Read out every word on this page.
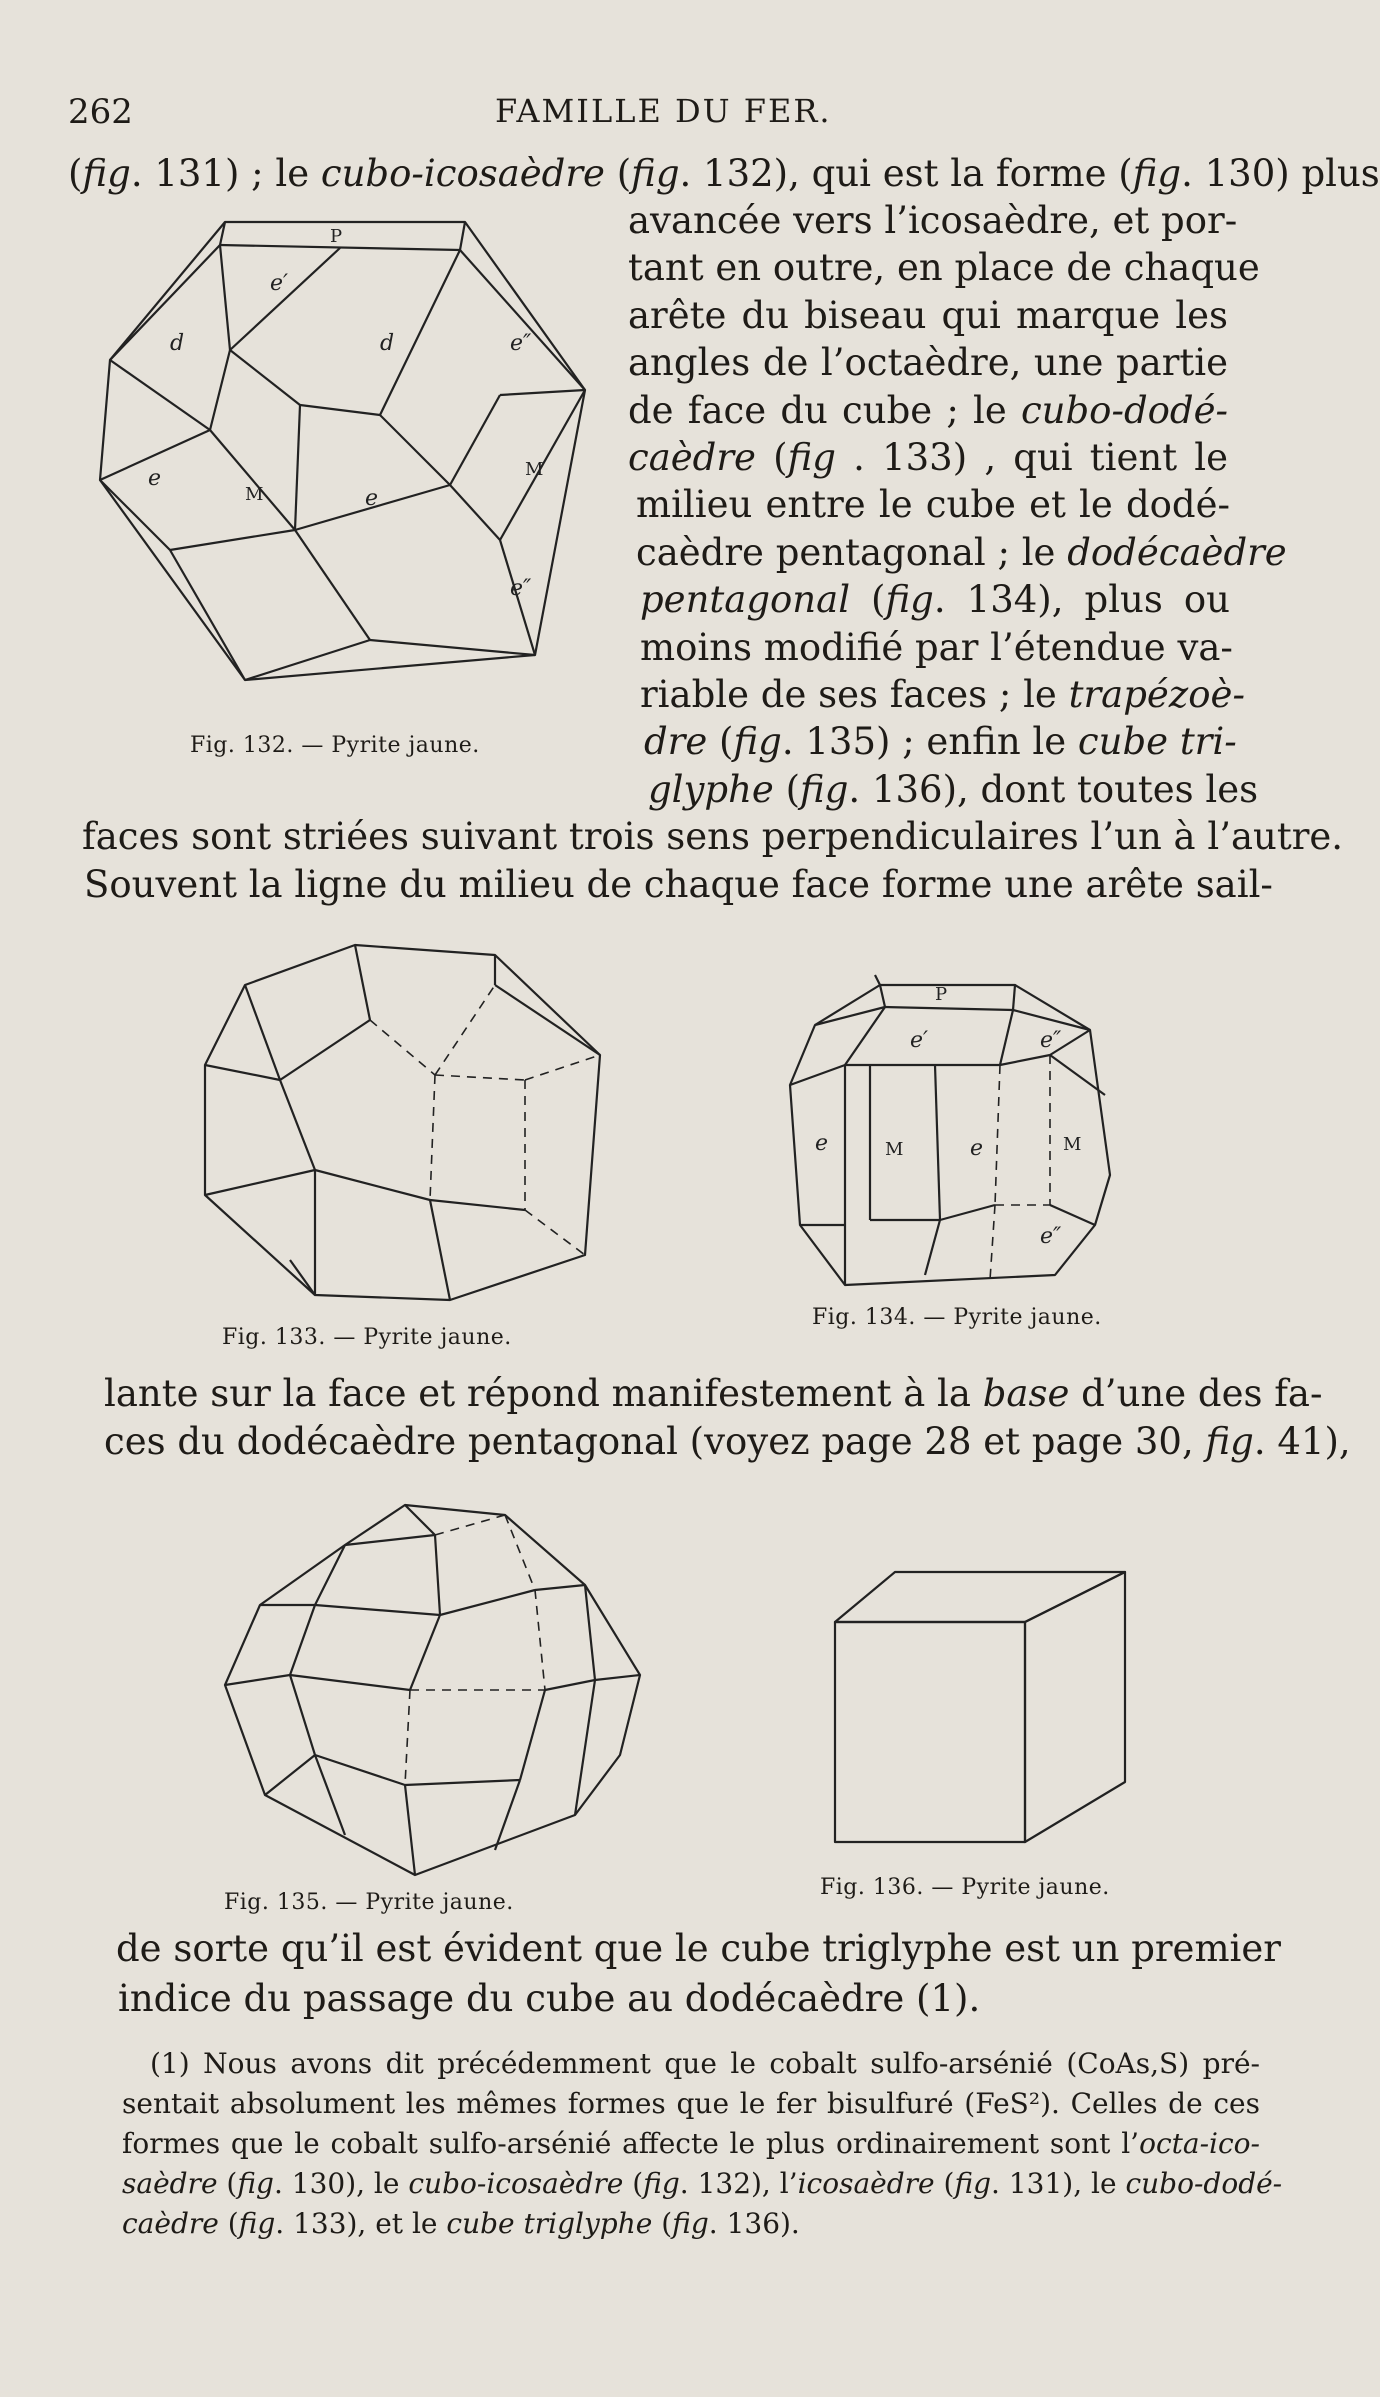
262	FAMILLE DU FER.
(fig. 131) ; le cubo-icosaèdre (fig. 132), qui est la forme (fig. 130) plus
avancée vers l’icosaèdre, et por-
tant en outre, en place de chaque
arête du biseau qui marque les
angles de l’octaèdre, une partie
de face du cube ; le cubo-dodé-
caèdre (fig . 133) , qui tient le
milieu entre le cube et le dodé-
caèdre pentagonal ; le dodécaèdre
pentagonal (fig. 134), plus ou
moins modifié par l’étendue va-
riable de ses faces ; le trapézoè-
dre (fig. 135) ; enfin le cube tri-
glyphe (fig. 136), dont toutes les
faces sont striées suivant trois sens perpendiculaires l’un à l’autre.
Souvent la ligne du milieu de chaque face forme une arête sail-
lante sur la face et répond manifestement à la base d’une des fa-
ces du dodécaèdre pentagonal (voyez page 28 et page 30, fig. 41),
de sorte qu’il est évident que le cube triglyphe est un premier
indice du passage du cube au dodécaèdre (1).
(1) Nous avons dit précédemment que le cobalt sulfo-arsénié (CoAs,S) pré-
sentait absolument les mêmes formes que le fer bisulfuré (FeS²). Celles de ces
formes que le cobalt sulfo-arsénié affecte le plus ordinairement sont l’octa-ico-
saèdre (fig. 130), le cubo-icosaèdre (fig. 132), l’icosaèdre (fig. 131), le cubo-dodé-
caèdre (fig. 133), et le cube triglyphe (fig. 136).
P
e′
d	d	e″
e
M	e
M
e″
Fig. 132. — Pyrite jaune.
Fig. 133. — Pyrite jaune.
P
e′	e″
e	M	e	M
e″
Fig. 134. — Pyrite jaune.
Fig. 135. — Pyrite jaune.
Fig. 136. — Pyrite jaune.
